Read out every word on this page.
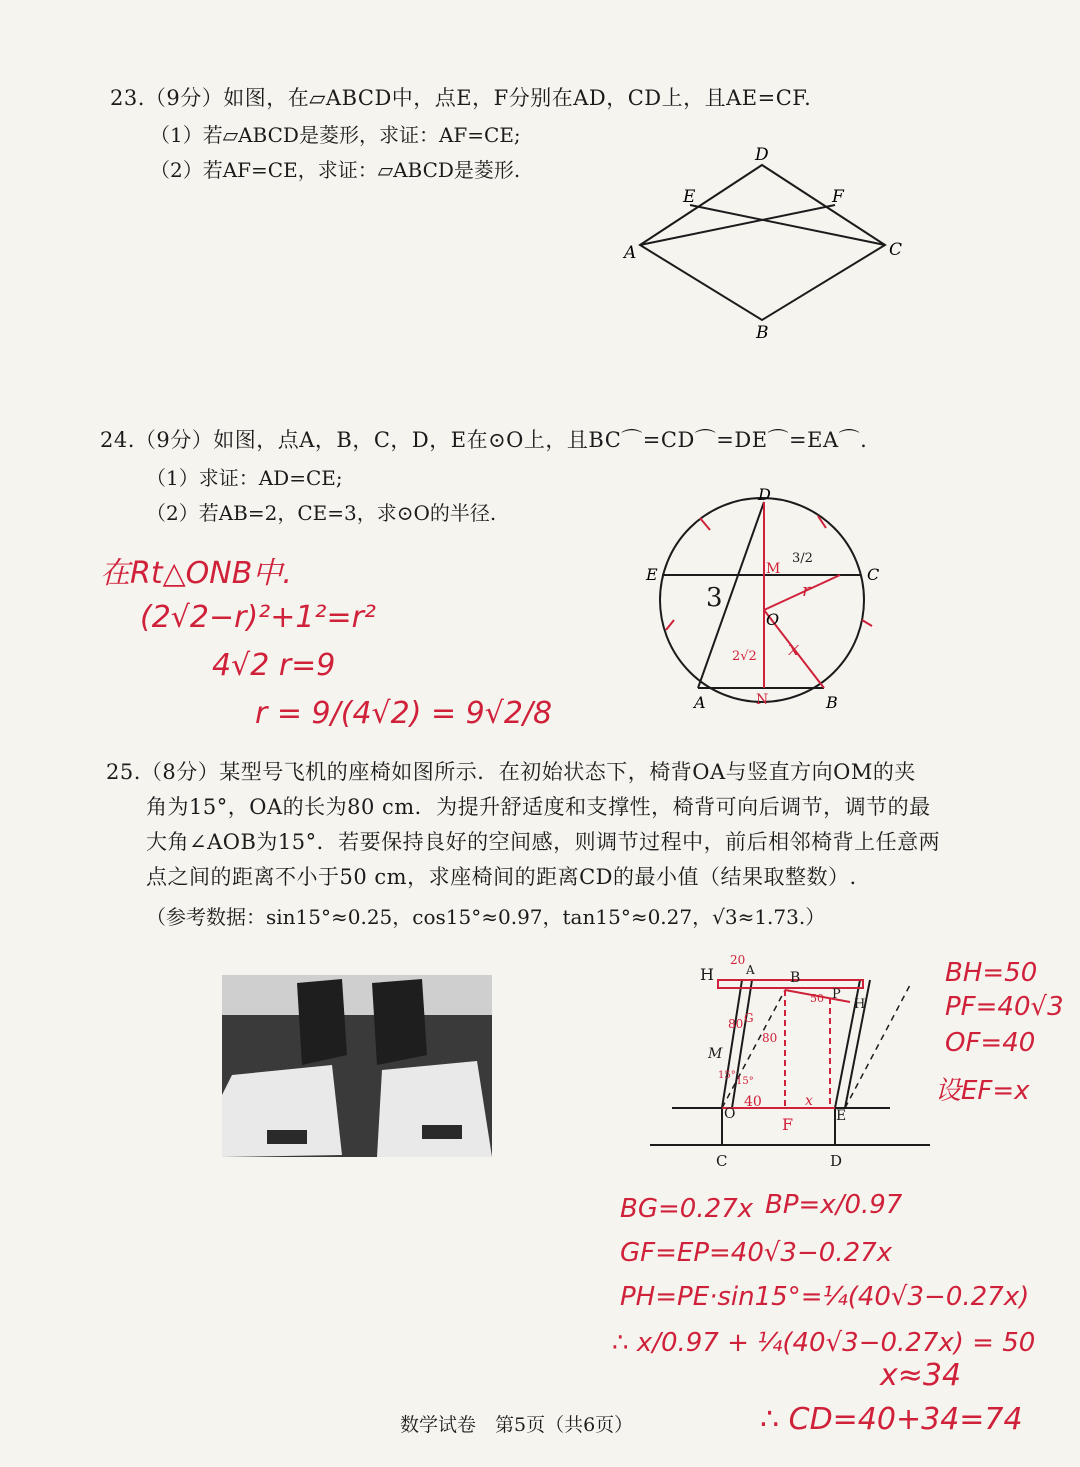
23.（9分）如图，在▱ABCD中，点E，F分别在AD，CD上，且AE=CF.
（1）若▱ABCD是菱形，求证：AF=CE;
（2）若AF=CE，求证：▱ABCD是菱形.
A
B
C
D
E	F
24.（9分）如图，点A，B，C，D，E在⊙O上，且BC⌒=CD⌒=DE⌒=EA⌒.
（1）求证：AD=CE;
（2）若AB=2，CE=3，求⊙O的半径.
A	B
C
D
E
O
M
N
3
3/2
r
x
2√2
在Rt△ONB中.
(2√2−r)²+1²=r²
4√2 r=9
r = 9/(4√2) = 9√2/8
25.（8分）某型号飞机的座椅如图所示．在初始状态下，椅背OA与竖直方向OM的夹
角为15°，OA的长为80 cm．为提升舒适度和支撑性，椅背可向后调节，调节的最
大角∠AOB为15°．若要保持良好的空间感，则调节过程中，前后相邻椅背上任意两
点之间的距离不小于50 cm，求座椅间的距离CD的最小值（结果取整数）.
（参考数据：sin15°≈0.25，cos15°≈0.97，tan15°≈0.27，√3≈1.73.）
H	A	B
P
H
M
O
F	E
C	D
20
50
80
80
40	x
15°
15°
G
BH=50
PF=40√3
OF=40
设EF=x
BG=0.27x BP=x/0.97
GF=EP=40√3−0.27x
PH=PE·sin15°=¼(40√3−0.27x)
∴ x/0.97 + ¼(40√3−0.27x) = 50
x≈34
∴ CD=40+34=74
数学试卷　第5页（共6页）
